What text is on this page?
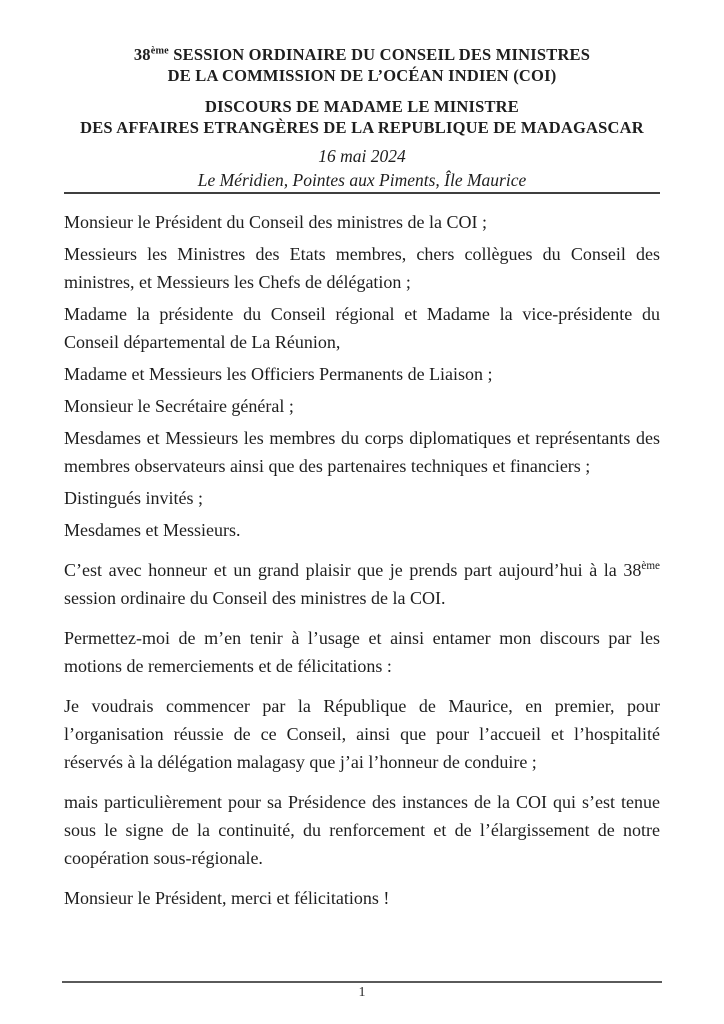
38ème SESSION ORDINAIRE DU CONSEIL DES MINISTRES
DE LA COMMISSION DE L’OCÉAN INDIEN (COI)
DISCOURS DE MADAME LE MINISTRE
DES AFFAIRES ETRANGÈRES DE LA REPUBLIQUE DE MADAGASCAR
16 mai 2024
Le Méridien, Pointes aux Piments, Île Maurice

Monsieur le Président du Conseil des ministres de la COI ;

Messieurs les Ministres des Etats membres, chers collègues du Conseil des ministres, et Messieurs les Chefs de délégation ;

Madame la présidente du Conseil régional et Madame la vice-présidente du Conseil départemental de La Réunion,

Madame et Messieurs les Officiers Permanents de Liaison ;

Monsieur le Secrétaire général ;

Mesdames et Messieurs les membres du corps diplomatiques et représentants des membres observateurs ainsi que des partenaires techniques et financiers ;

Distingués invités ;

Mesdames et Messieurs.

C’est avec honneur et un grand plaisir que je prends part aujourd’hui à la 38ème session ordinaire du Conseil des ministres de la COI.

Permettez-moi de m’en tenir à l’usage et ainsi entamer mon discours par les motions de remerciements et de félicitations :

Je voudrais commencer par la République de Maurice, en premier, pour l’organisation réussie de ce Conseil, ainsi que pour l’accueil et l’hospitalité réservés à la délégation malagasy que j’ai l’honneur de conduire ;

mais particulièrement pour sa Présidence des instances de la COI qui s’est tenue sous le signe de la continuité, du renforcement et de l’élargissement de notre coopération sous-régionale.

Monsieur le Président, merci et félicitations !

1
